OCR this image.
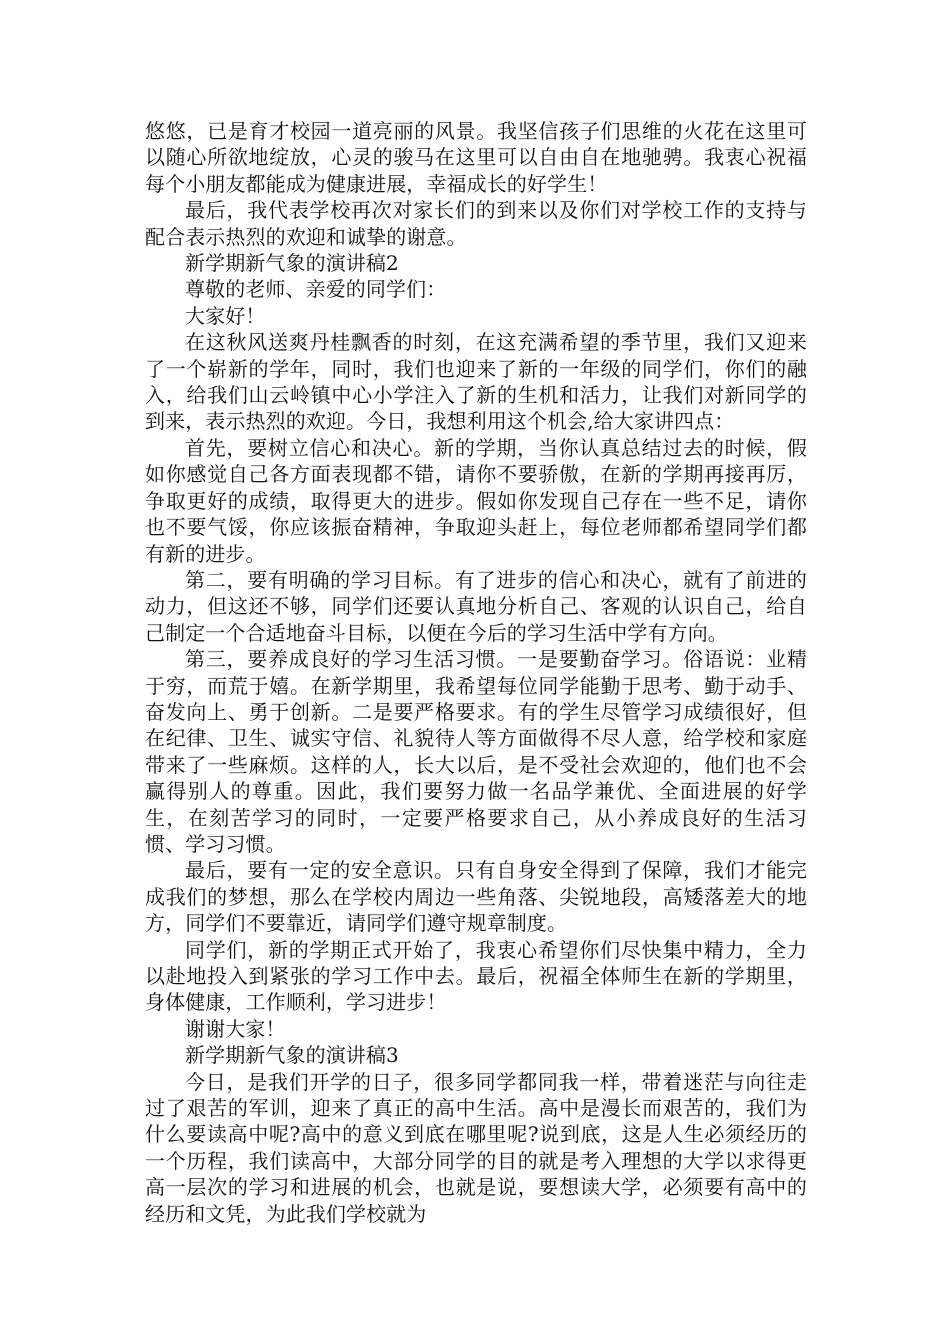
悠悠，已是育才校园一道亮丽的风景。我坚信孩子们思维的火花在这里可以随心所欲地绽放，心灵的骏马在这里可以自由自在地驰骋。我衷心祝福每个小朋友都能成为健康进展，幸福成长的好学生！

最后，我代表学校再次对家长们的到来以及你们对学校工作的支持与配合表示热烈的欢迎和诚挚的谢意。

新学期新气象的演讲稿2

尊敬的老师、亲爱的同学们：

大家好！

在这秋风送爽丹桂飘香的时刻，在这充满希望的季节里，我们又迎来了一个崭新的学年，同时，我们也迎来了新的一年级的同学们，你们的融入，给我们山云岭镇中心小学注入了新的生机和活力，让我们对新同学的到来，表示热烈的欢迎。今日，我想利用这个机会,给大家讲四点：

首先，要树立信心和决心。新的学期，当你认真总结过去的时候，假如你感觉自己各方面表现都不错，请你不要骄傲，在新的学期再接再厉，争取更好的成绩，取得更大的进步。假如你发现自己存在一些不足，请你也不要气馁，你应该振奋精神，争取迎头赶上，每位老师都希望同学们都有新的进步。

第二，要有明确的学习目标。有了进步的信心和决心，就有了前进的动力，但这还不够，同学们还要认真地分析自己、客观的认识自己，给自己制定一个合适地奋斗目标，以便在今后的学习生活中学有方向。

第三，要养成良好的学习生活习惯。一是要勤奋学习。俗语说：业精于穷，而荒于嬉。在新学期里，我希望每位同学能勤于思考、勤于动手、奋发向上、勇于创新。二是要严格要求。有的学生尽管学习成绩很好，但在纪律、卫生、诚实守信、礼貌待人等方面做得不尽人意，给学校和家庭带来了一些麻烦。这样的人，长大以后，是不受社会欢迎的，他们也不会赢得别人的尊重。因此，我们要努力做一名品学兼优、全面进展的好学生，在刻苦学习的同时，一定要严格要求自己，从小养成良好的生活习惯、学习习惯。

最后，要有一定的安全意识。只有自身安全得到了保障，我们才能完成我们的梦想，那么在学校内周边一些角落、尖锐地段，高矮落差大的地方，同学们不要靠近，请同学们遵守规章制度。

同学们，新的学期正式开始了，我衷心希望你们尽快集中精力，全力以赴地投入到紧张的学习工作中去。最后，祝福全体师生在新的学期里，身体健康，工作顺利，学习进步！

谢谢大家！

新学期新气象的演讲稿3

今日，是我们开学的日子，很多同学都同我一样，带着迷茫与向往走过了艰苦的军训，迎来了真正的高中生活。高中是漫长而艰苦的，我们为什么要读高中呢?高中的意义到底在哪里呢?说到底，这是人生必须经历的一个历程，我们读高中，大部分同学的目的就是考入理想的大学以求得更高一层次的学习和进展的机会，也就是说，要想读大学，必须要有高中的经历和文凭，为此我们学校就为
